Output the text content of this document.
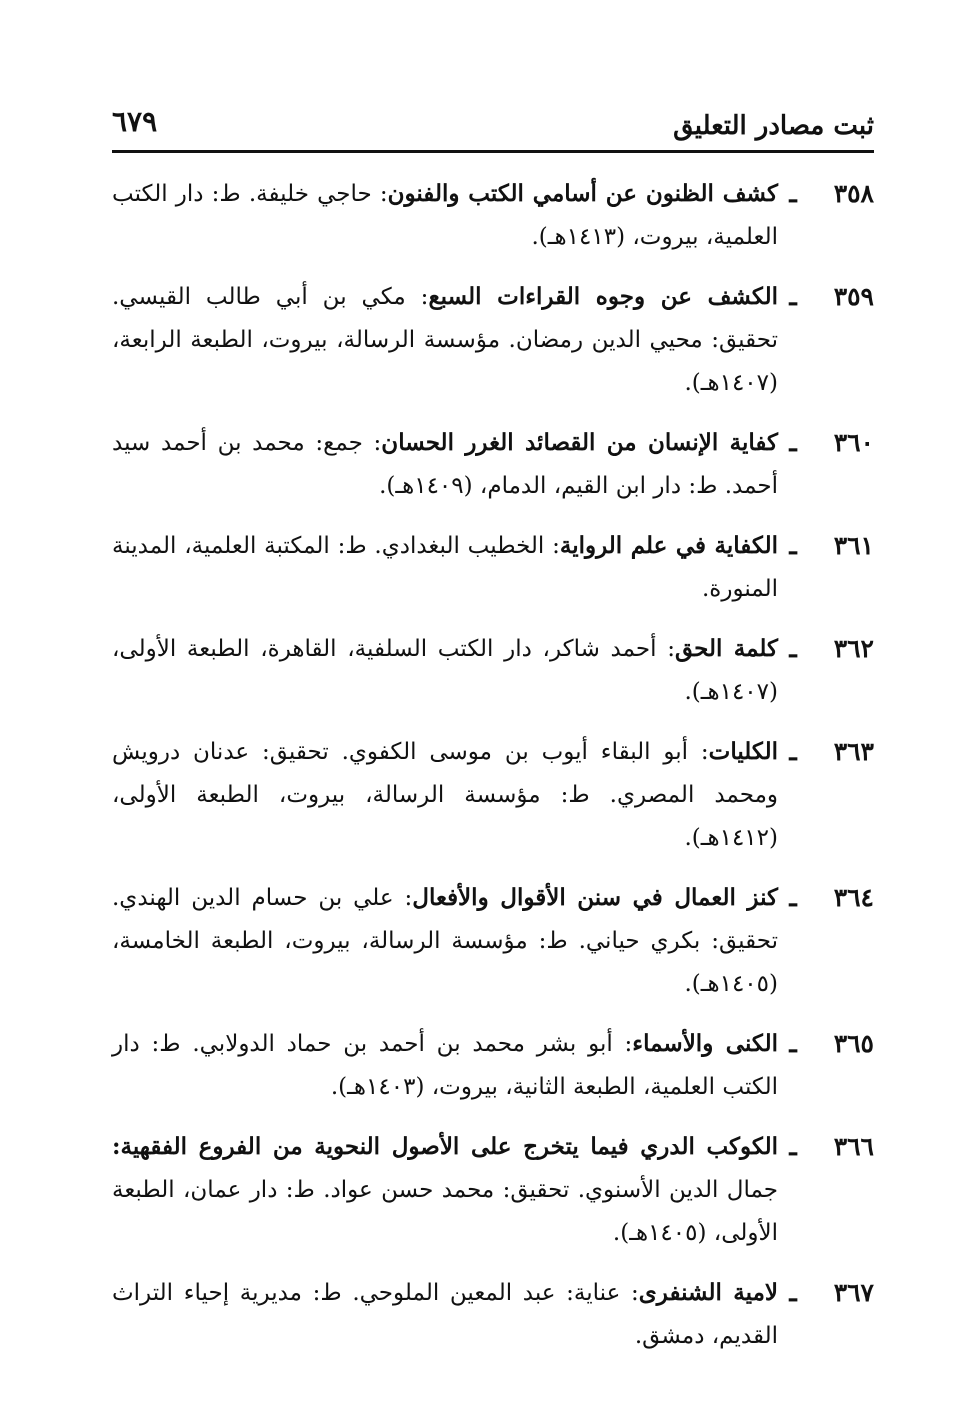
ثبت مصادر التعليق
٦٧٩
٣٥٨
ـ
كشف الظنون عن أسامي الكتب والفنون: حاجي خليفة. ط: دار الكتب العلمية، بيروت، (١٤١٣هـ).
٣٥٩
ـ
الكشف عن وجوه القراءات السبع: مكي بن أبي طالب القيسي. تحقيق: محيي الدين رمضان. مؤسسة الرسالة، بيروت، الطبعة الرابعة، (١٤٠٧هـ).
٣٦٠
ـ
كفاية الإنسان من القصائد الغرر الحسان: جمع: محمد بن أحمد سيد أحمد. ط: دار ابن القيم، الدمام، (١٤٠٩هـ).
٣٦١
ـ
الكفاية في علم الرواية: الخطيب البغدادي. ط: المكتبة العلمية، المدينة المنورة.
٣٦٢
ـ
كلمة الحق: أحمد شاكر، دار الكتب السلفية، القاهرة، الطبعة الأولى، (١٤٠٧هـ).
٣٦٣
ـ
الكليات: أبو البقاء أيوب بن موسى الكفوي. تحقيق: عدنان درويش ومحمد المصري. ط: مؤسسة الرسالة، بيروت، الطبعة الأولى، (١٤١٢هـ).
٣٦٤
ـ
كنز العمال في سنن الأقوال والأفعال: علي بن حسام الدين الهندي. تحقيق: بكري حياني. ط: مؤسسة الرسالة، بيروت، الطبعة الخامسة، (١٤٠٥هـ).
٣٦٥
ـ
الكنى والأسماء: أبو بشر محمد بن أحمد بن حماد الدولابي. ط: دار الكتب العلمية، الطبعة الثانية، بيروت، (١٤٠٣هـ).
٣٦٦
ـ
الكوكب الدري فيما يتخرج على الأصول النحوية من الفروع الفقهية: جمال الدين الأسنوي. تحقيق: محمد حسن عواد. ط: دار عمان، الطبعة الأولى، (١٤٠٥هـ).
٣٦٧
ـ
لامية الشنفرى: عناية: عبد المعين الملوحي. ط: مديرية إحياء التراث القديم، دمشق.
